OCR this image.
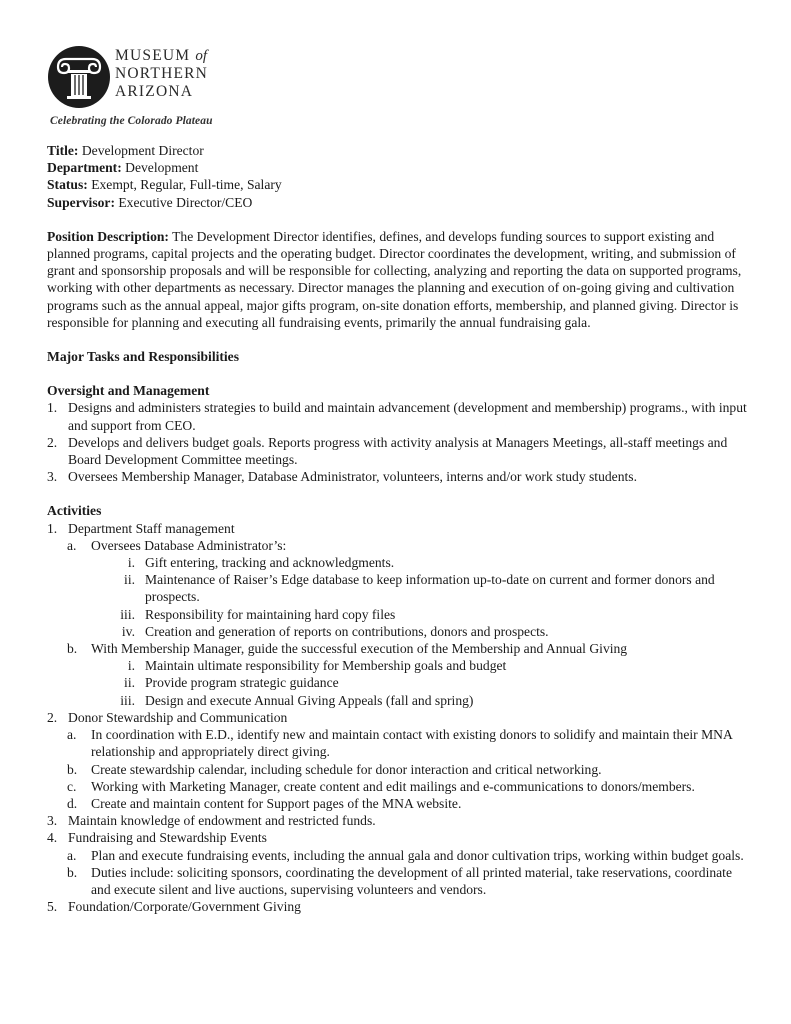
MUSEUM of
NORTHERN
ARIZONA
Celebrating the Colorado Plateau
Title: Development Director
Department: Development
Status: Exempt, Regular, Full-time, Salary
Supervisor: Executive Director/CEO
Position Description: The Development Director identifies, defines, and develops funding sources to support existing and planned programs, capital projects and the operating budget. Director coordinates the development, writing, and submission of grant and sponsorship proposals and will be responsible for collecting, analyzing and reporting the data on supported programs, working with other departments as necessary. Director manages the planning and execution of on-going giving and cultivation programs such as the annual appeal, major gifts program, on-site donation efforts, membership, and planned giving. Director is responsible for planning and executing all fundraising events, primarily the annual fundraising gala.
Major Tasks and Responsibilities
Oversight and Management
1. Designs and administers strategies to build and maintain advancement (development and membership) programs., with input and support from CEO.
2. Develops and delivers budget goals. Reports progress with activity analysis at Managers Meetings, all-staff meetings and Board Development Committee meetings.
3. Oversees Membership Manager, Database Administrator, volunteers, interns and/or work study students.
Activities
1. Department Staff management
a.	Oversees Database Administrator’s:
i. Gift entering, tracking and acknowledgments.
ii. Maintenance of Raiser’s Edge database to keep information up-to-date on current and former donors and prospects.
iii. Responsibility for maintaining hard copy files
iv. Creation and generation of reports on contributions, donors and prospects.
b.	With Membership Manager, guide the successful execution of the Membership and Annual Giving
i. Maintain ultimate responsibility for Membership goals and budget
ii. Provide program strategic guidance
iii. Design and execute Annual Giving Appeals (fall and spring)
2. Donor Stewardship and Communication
a.	In coordination with E.D., identify new and maintain contact with existing donors to solidify and maintain their MNA relationship and appropriately direct giving.
b.	Create stewardship calendar, including schedule for donor interaction and critical networking.
c.	Working with Marketing Manager, create content and edit mailings and e-communications to donors/members.
d.	Create and maintain content for Support pages of the MNA website.
3. Maintain knowledge of endowment and restricted funds.
4. Fundraising and Stewardship Events
a.	Plan and execute fundraising events, including the annual gala and donor cultivation trips, working within budget goals.
b.	Duties include: soliciting sponsors, coordinating the development of all printed material, take reservations, coordinate and execute silent and live auctions, supervising volunteers and vendors.
5. Foundation/Corporate/Government Giving
